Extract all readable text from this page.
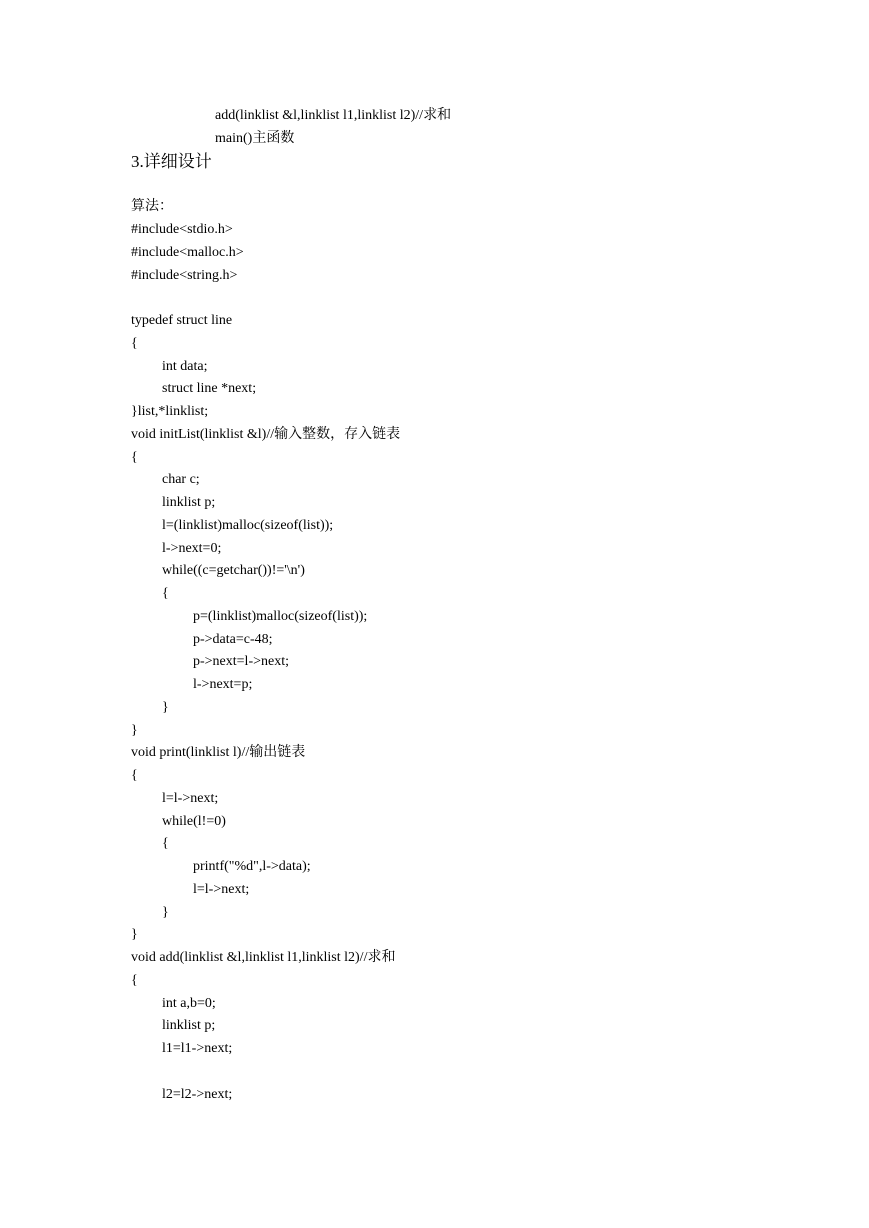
add(linklist &l,linklist l1,linklist l2)//求和
main()主函数
3.详细设计
算法：
#include<stdio.h>
#include<malloc.h>
#include<string.h>
typedef struct line
{
int data;
struct line *next;
}list,*linklist;
void initList(linklist &l)//输入整数，存入链表
{
char c;
linklist p;
l=(linklist)malloc(sizeof(list));
l->next=0;
while((c=getchar())!='\n')
{
p=(linklist)malloc(sizeof(list));
p->data=c-48;
p->next=l->next;
l->next=p;
}
}
void print(linklist l)//输出链表
{
l=l->next;
while(l!=0)
{
printf("%d",l->data);
l=l->next;
}
}
void add(linklist &l,linklist l1,linklist l2)//求和
{
int a,b=0;
linklist p;
l1=l1->next;
l2=l2->next;
